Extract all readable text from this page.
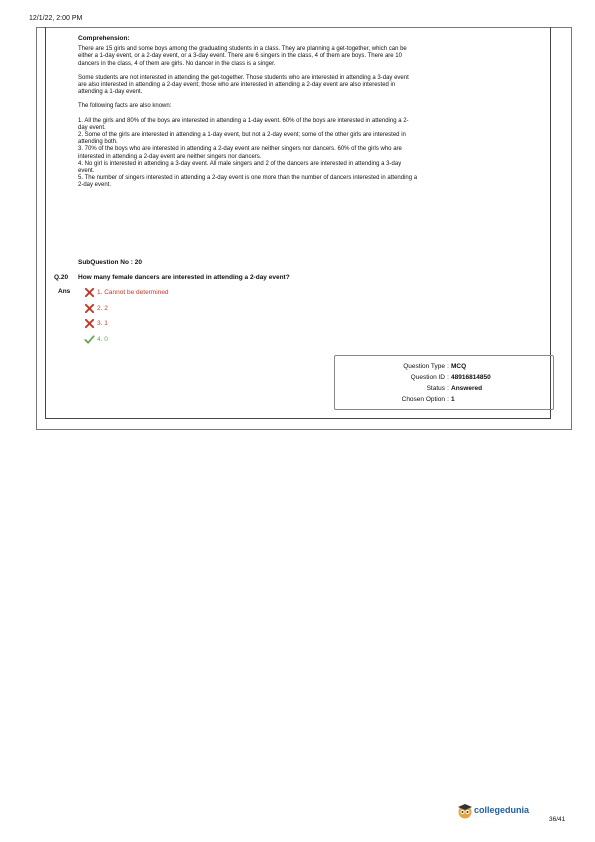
12/1/22, 2:00 PM
Comprehension:

There are 15 girls and some boys among the graduating students in a class. They are planning a get-together, which can be either a 1-day event, or a 2-day event, or a 3-day event. There are 6 singers in the class, 4 of them are boys. There are 10 dancers in the class, 4 of them are girls. No dancer in the class is a singer.

Some students are not interested in attending the get-together. Those students who are interested in attending a 3-day event are also interested in attending a 2-day event; those who are interested in attending a 2-day event are also interested in attending a 1-day event.

The following facts are also known:

1. All the girls and 80% of the boys are interested in attending a 1-day event. 60% of the boys are interested in attending a 2-day event.
2. Some of the girls are interested in attending a 1-day event, but not a 2-day event; some of the other girls are interested in attending both.
3. 70% of the boys who are interested in attending a 2-day event are neither singers nor dancers. 60% of the girls who are interested in attending a 2-day event are neither singers nor dancers.
4. No girl is interested in attending a 3-day event. All male singers and 2 of the dancers are interested in attending a 3-day event.
5. The number of singers interested in attending a 2-day event is one more than the number of dancers interested in attending a 2-day event.
SubQuestion No : 20
Q.20 How many female dancers are interested in attending a 2-day event?
Ans	1. Cannot be determined
2. 2
3. 1
4. 0
Question Type : MCQ
Question ID : 48916814850
Status : Answered
Chosen Option : 1
collegedunia
· · · · · · · · · · · · · ·	36/41
